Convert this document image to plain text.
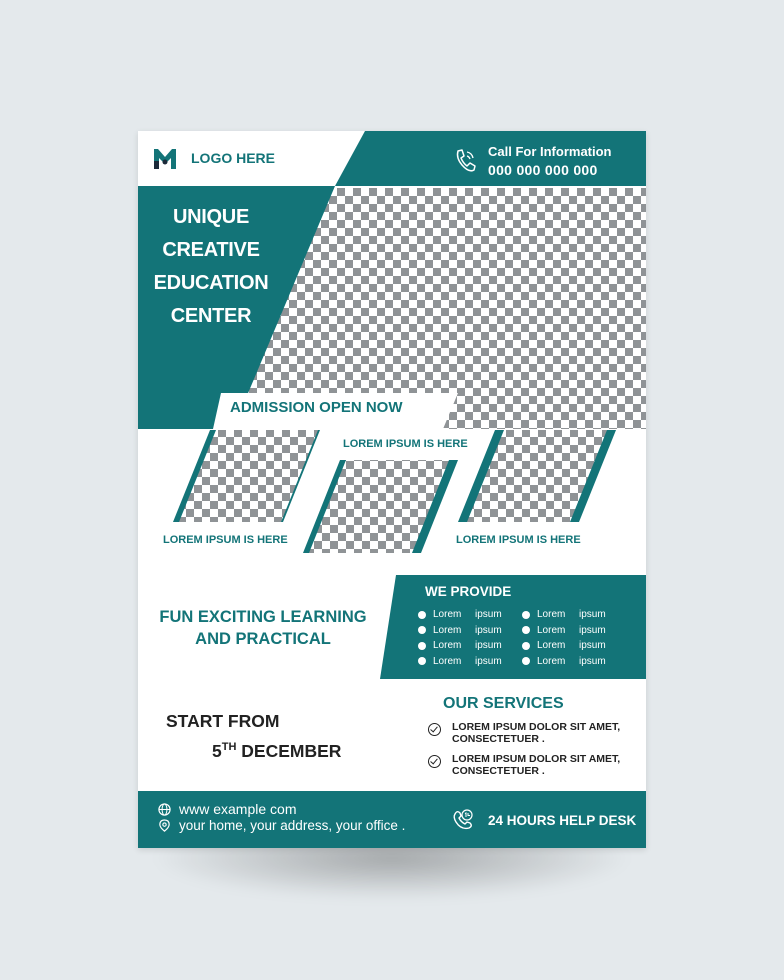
LOGO HERE	Call For Information
000 000 000 000
UNIQUE
CREATIVE
EDUCATION
CENTER
ADMISSION OPEN NOW
LOREM IPSUM IS HERE
LOREM IPSUM IS HERE
LOREM IPSUM IS HERE
FUN EXCITING LEARNING
AND PRACTICAL
WE PROVIDE
Lorem	ipsum	Lorem	ipsum
Lorem	ipsum	Lorem	ipsum
Lorem	ipsum	Lorem	ipsum
Lorem	ipsum	Lorem	ipsum
START FROM
5TH DECEMBER
OUR SERVICES
LOREM IPSUM DOLOR SIT AMET,
CONSECTETUER .
LOREM IPSUM DOLOR SIT AMET,
CONSECTETUER .
www example com
your home, your address, your office .	24 HOURS HELP DESK
